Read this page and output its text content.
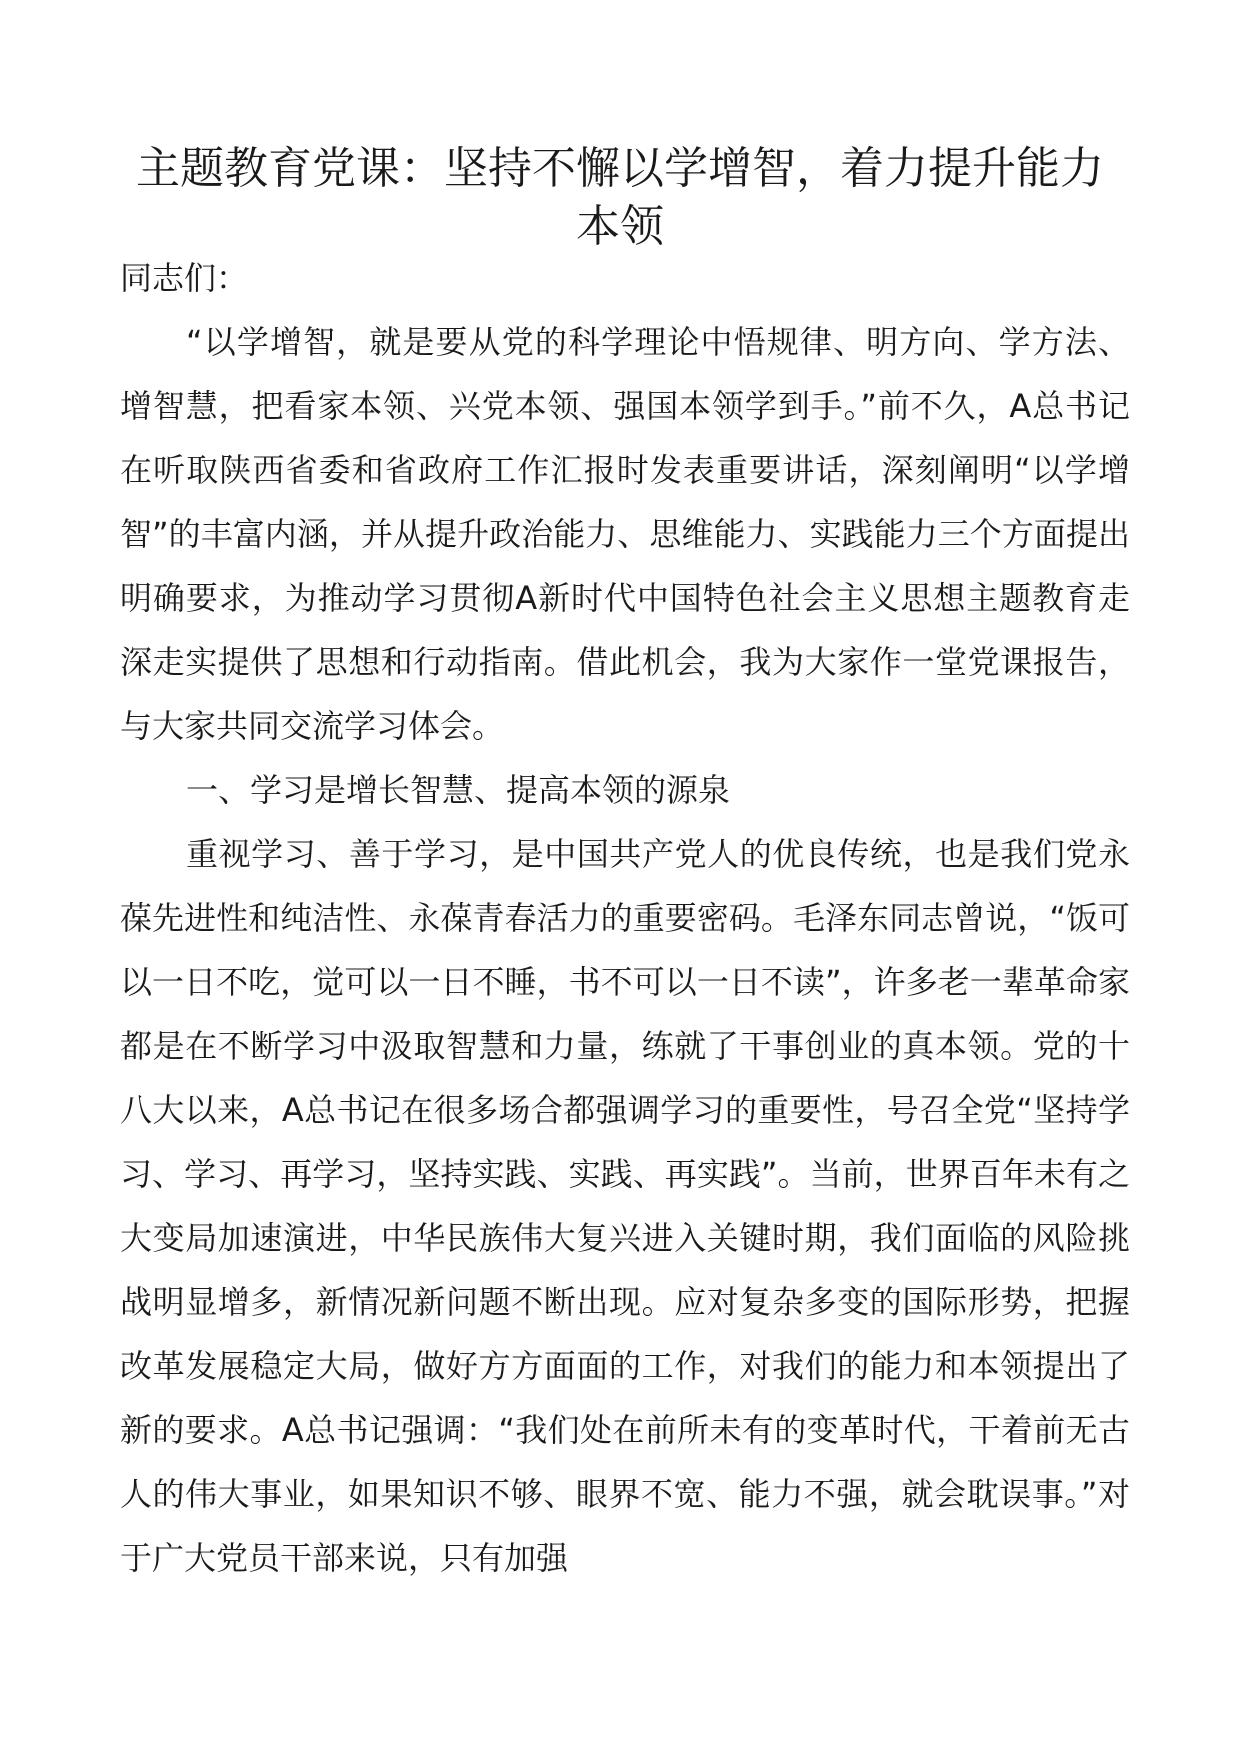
主题教育党课：坚持不懈以学增智，着力提升能力本领

同志们：

“以学增智，就是要从党的科学理论中悟规律、明方向、学方法、增智慧，把看家本领、兴党本领、强国本领学到手。”前不久，A总书记在听取陕西省委和省政府工作汇报时发表重要讲话，深刻阐明“以学增智”的丰富内涵，并从提升政治能力、思维能力、实践能力三个方面提出明确要求，为推动学习贯彻A新时代中国特色社会主义思想主题教育走深走实提供了思想和行动指南。借此机会，我为大家作一堂党课报告，与大家共同交流学习体会。

一、学习是增长智慧、提高本领的源泉

重视学习、善于学习，是中国共产党人的优良传统，也是我们党永葆先进性和纯洁性、永葆青春活力的重要密码。毛泽东同志曾说，“饭可以一日不吃，觉可以一日不睡，书不可以一日不读”，许多老一辈革命家都是在不断学习中汲取智慧和力量，练就了干事创业的真本领。党的十八大以来，A总书记在很多场合都强调学习的重要性，号召全党“坚持学习、学习、再学习，坚持实践、实践、再实践”。当前，世界百年未有之大变局加速演进，中华民族伟大复兴进入关键时期，我们面临的风险挑战明显增多，新情况新问题不断出现。应对复杂多变的国际形势，把握改革发展稳定大局，做好方方面面的工作，对我们的能力和本领提出了新的要求。A总书记强调：“我们处在前所未有的变革时代，干着前无古人的伟大事业，如果知识不够、眼界不宽、能力不强，就会耽误事。”对于广大党员干部来说，只有加强
